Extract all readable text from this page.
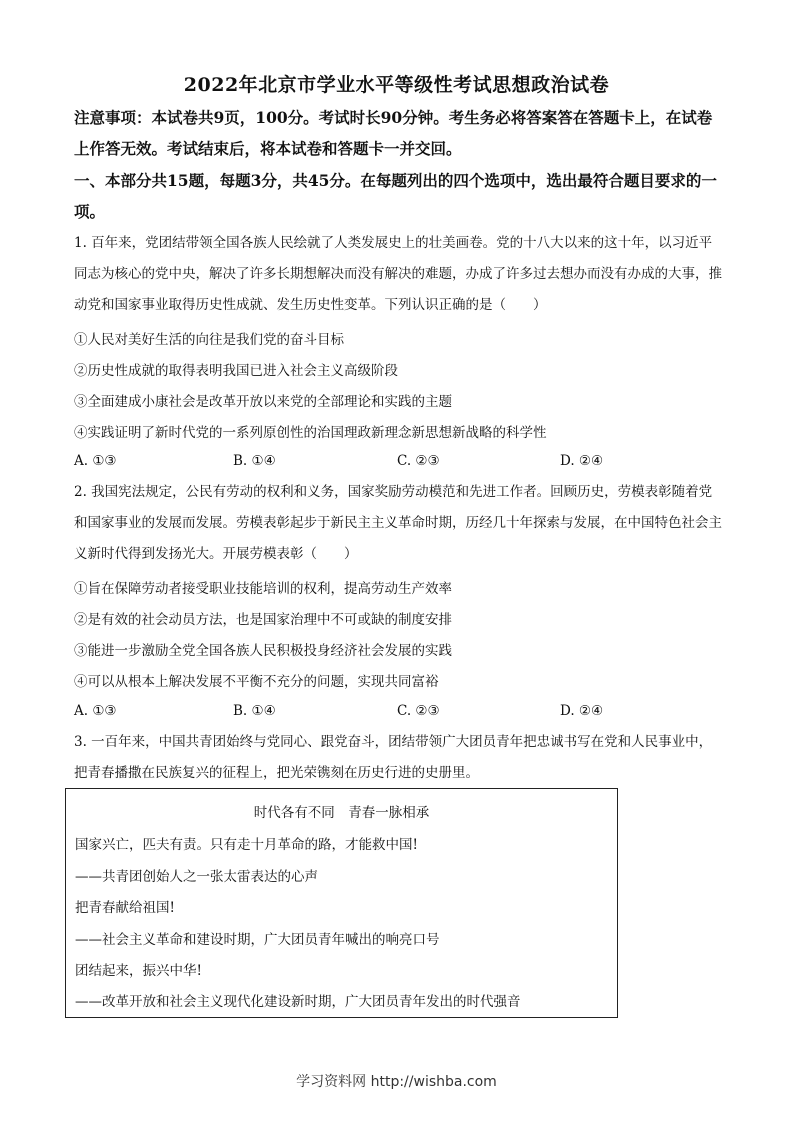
2022年北京市学业水平等级性考试思想政治试卷
注意事项：本试卷共9页，100分。考试时长90分钟。考生务必将答案答在答题卡上，在试卷上作答无效。考试结束后，将本试卷和答题卡一并交回。
一、本部分共15题，每题3分，共45分。在每题列出的四个选项中，选出最符合题目要求的一项。
1. 百年来，党团结带领全国各族人民绘就了人类发展史上的壮美画卷。党的十八大以来的这十年，以习近平同志为核心的党中央，解决了许多长期想解决而没有解决的难题，办成了许多过去想办而没有办成的大事，推动党和国家事业取得历史性成就、发生历史性变革。下列认识正确的是（　　）
①人民对美好生活的向往是我们党的奋斗目标
②历史性成就的取得表明我国已进入社会主义高级阶段
③全面建成小康社会是改革开放以来党的全部理论和实践的主题
④实践证明了新时代党的一系列原创性的治国理政新理念新思想新战略的科学性
A. ①③	B. ①④	C. ②③	D. ②④
2. 我国宪法规定，公民有劳动的权利和义务，国家奖励劳动模范和先进工作者。回顾历史，劳模表彰随着党和国家事业的发展而发展。劳模表彰起步于新民主主义革命时期，历经几十年探索与发展，在中国特色社会主义新时代得到发扬光大。开展劳模表彰（　　）
①旨在保障劳动者接受职业技能培训的权利，提高劳动生产效率
②是有效的社会动员方法，也是国家治理中不可或缺的制度安排
③能进一步激励全党全国各族人民积极投身经济社会发展的实践
④可以从根本上解决发展不平衡不充分的问题，实现共同富裕
A. ①③	B. ①④	C. ②③	D. ②④
3. 一百年来，中国共青团始终与党同心、跟党奋斗，团结带领广大团员青年把忠诚书写在党和人民事业中，把青春播撒在民族复兴的征程上，把光荣镌刻在历史行进的史册里。
时代各有不同　青春一脉相承
国家兴亡，匹夫有责。只有走十月革命的路，才能救中国!
——共青团创始人之一张太雷表达的心声
把青春献给祖国!
——社会主义革命和建设时期，广大团员青年喊出的响亮口号
团结起来，振兴中华!
——改革开放和社会主义现代化建设新时期，广大团员青年发出的时代强音
学习资料网 http://wishba.com
